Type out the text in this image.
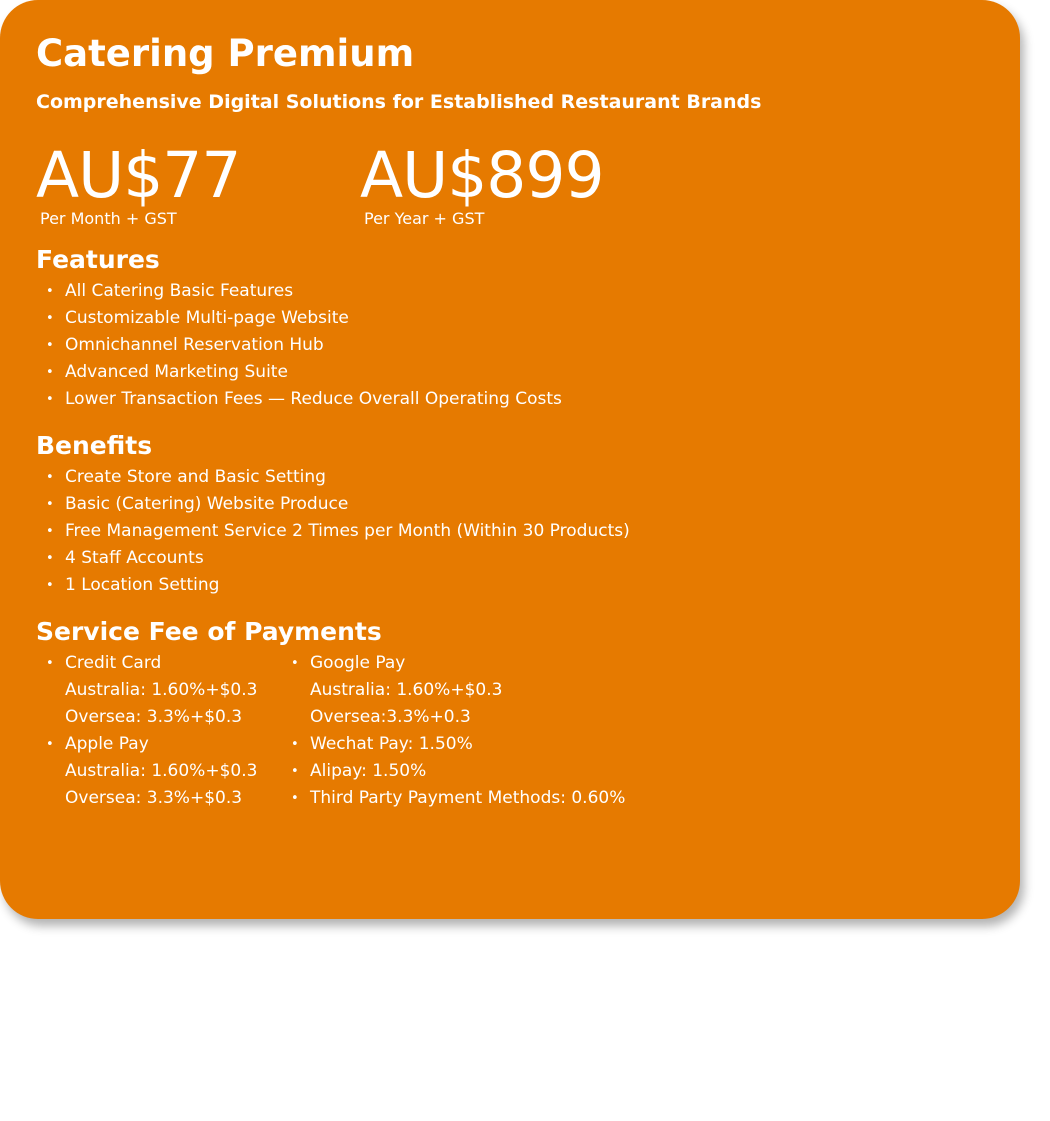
Catering Premium
Comprehensive Digital Solutions for Established Restaurant Brands
AU$77
Per Month + GST
AU$899
Per Year + GST
Features
• All Catering Basic Features
• Customizable Multi-page Website
• Omnichannel Reservation Hub
• Advanced Marketing Suite
• Lower Transaction Fees — Reduce Overall Operating Costs
Benefits
• Create Store and Basic Setting
• Basic (Catering) Website Produce
• Free Management Service 2 Times per Month (Within 30 Products)
• 4 Staff Accounts
• 1 Location Setting
Service Fee of Payments
• Credit Card
Australia: 1.60%+$0.3
Oversea: 3.3%+$0.3
• Apple Pay
Australia: 1.60%+$0.3
Oversea: 3.3%+$0.3
• Google Pay
Australia: 1.60%+$0.3
Oversea:3.3%+0.3
• Wechat Pay: 1.50%
• Alipay: 1.50%
• Third Party Payment Methods: 0.60%
